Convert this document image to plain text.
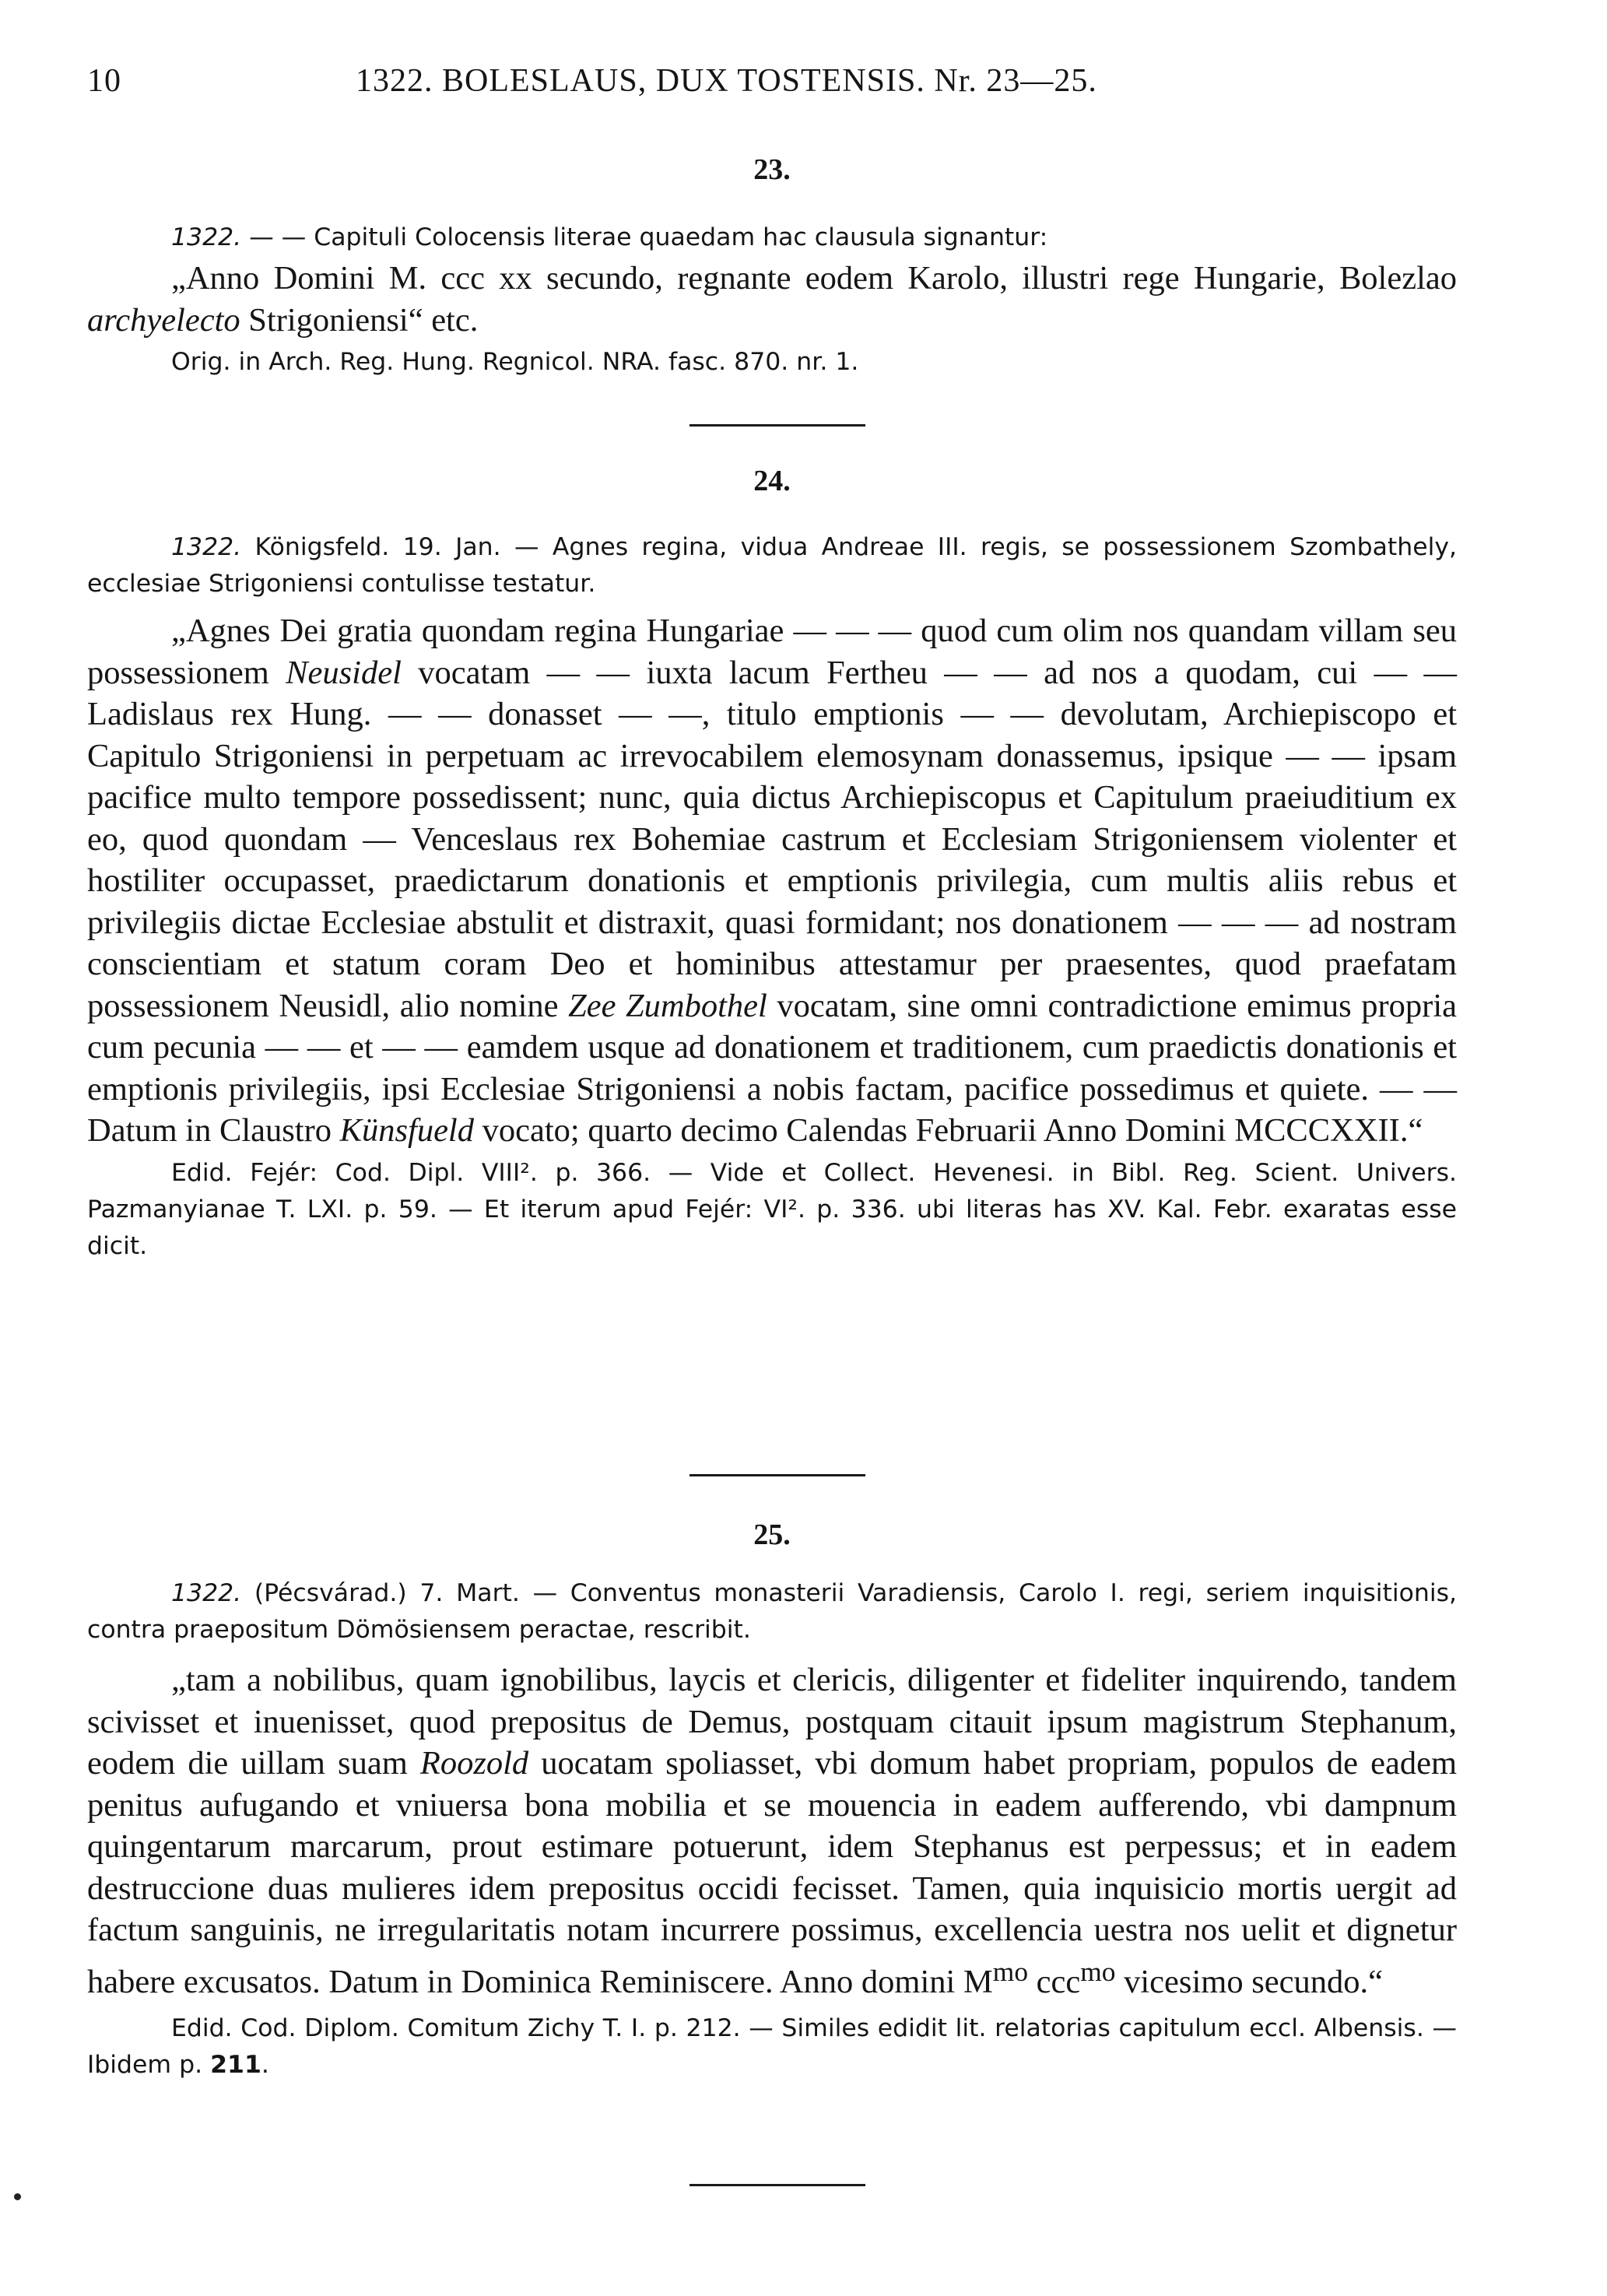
10	1322. BOLESLAUS, DUX TOSTENSIS. Nr. 23—25.
23.

1322. — — Capituli Colocensis literae quaedam hac clausula signantur:

„Anno Domini M. ccc xx secundo, regnante eodem Karolo, illustri rege Hungarie, Bolezlao archyelecto Strigoniensi“ etc.

Orig. in Arch. Reg. Hung. Regnicol. NRA. fasc. 870. nr. 1.

24.

1322. Königsfeld. 19. Jan. — Agnes regina, vidua Andreae III. regis, se possessionem Szombathely, ecclesiae Strigoniensi contulisse testatur.

„Agnes Dei gratia quondam regina Hungariae — — — quod cum olim nos quandam villam seu possessionem Neusidel vocatam — — iuxta lacum Fertheu — — ad nos a quodam, cui — — Ladislaus rex Hung. — — donasset — —, titulo emptionis — — devolutam, Archiepiscopo et Capitulo Strigoniensi in perpetuam ac irrevocabilem elemosynam donassemus, ipsique — — ipsam pacifice multo tempore possedissent; nunc, quia dictus Archiepiscopus et Capitulum praeiuditium ex eo, quod quondam — Venceslaus rex Bohemiae castrum et Ecclesiam Strigoniensem violenter et hostiliter occupasset, praedictarum donationis et emptionis privilegia, cum multis aliis rebus et privilegiis dictae Ecclesiae abstulit et distraxit, quasi formidant; nos donationem — — — ad nostram conscientiam et statum coram Deo et hominibus attestamur per praesentes, quod praefatam possessionem Neusidl, alio nomine Zee Zumbothel vocatam, sine omni contradictione emimus propria cum pecunia — — et — — eamdem usque ad donationem et traditionem, cum praedictis donationis et emptionis privilegiis, ipsi Ecclesiae Strigoniensi a nobis factam, pacifice possedimus et quiete. — — Datum in Claustro Künsfueld vocato; quarto decimo Calendas Februarii Anno Domini MCCCXXII.“

Edid. Fejér: Cod. Dipl. VIII². p. 366. — Vide et Collect. Hevenesi. in Bibl. Reg. Scient. Univers. Pazmanyianae T. LXI. p. 59. — Et iterum apud Fejér: VI². p. 336. ubi literas has XV. Kal. Febr. exaratas esse dicit.

25.

1322. (Pécsvárad.) 7. Mart. — Conventus monasterii Varadiensis, Carolo I. regi, seriem inquisitionis, contra praepositum Dömösiensem peractae, rescribit.

„tam a nobilibus, quam ignobilibus, laycis et clericis, diligenter et fideliter inquirendo, tandem scivisset et inuenisset, quod prepositus de Demus, postquam citauit ipsum magistrum Stephanum, eodem die uillam suam Roozold uocatam spoliasset, vbi domum habet propriam, populos de eadem penitus aufugando et vniuersa bona mobilia et se mouencia in eadem aufferendo, vbi dampnum quingentarum marcarum, prout estimare potuerunt, idem Stephanus est perpessus; et in eadem destruccione duas mulieres idem prepositus occidi fecisset. Tamen, quia inquisicio mortis uergit ad factum sanguinis, ne irregularitatis notam incurrere possimus, excellencia uestra nos uelit et dignetur habere excusatos. Datum in Dominica Reminiscere. Anno domini $M^{mo}$ ccc$^{mo}$ vicesimo secundo.“

Edid. Cod. Diplom. Comitum Zichy T. I. p. 212. — Similes edidit lit. relatorias capitulum eccl. Albensis. — Ibidem p. 211.
